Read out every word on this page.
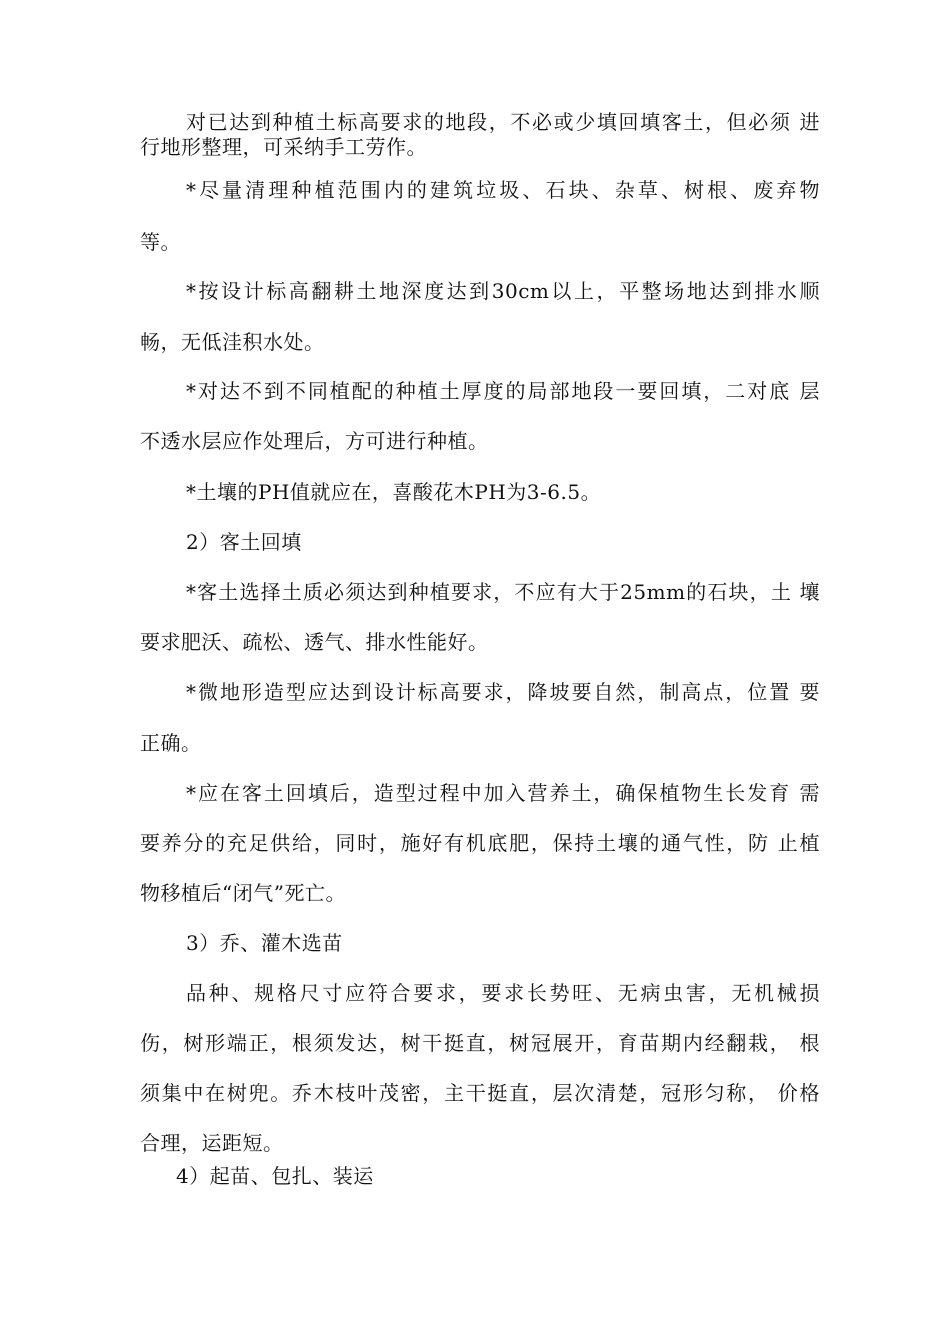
对已达到种植土标高要求的地段，不必或少填回填客土，但必须 进
行地形整理，可采纳手工劳作。
*尽量清理种植范围内的建筑垃圾、石块、杂草、树根、废弃物
等。
*按设计标高翻耕土地深度达到30cm以上，平整场地达到排水顺
畅，无低洼积水处。
*对达不到不同植配的种植土厚度的局部地段一要回填，二对底 层
不透水层应作处理后，方可进行种植。
*土壤的PH值就应在，喜酸花木PH为3-6.5。
2）客土回填
*客土选择土质必须达到种植要求，不应有大于25mm的石块，土 壤
要求肥沃、疏松、透气、排水性能好。
*微地形造型应达到设计标高要求，降坡要自然，制高点，位置 要
正确。
*应在客土回填后，造型过程中加入营养土，确保植物生长发育 需
要养分的充足供给，同时，施好有机底肥，保持土壤的通气性，防 止植
物移植后“闭气”死亡。
3）乔、灌木选苗
品种、规格尺寸应符合要求，要求长势旺、无病虫害，无机械损
伤，树形端正，根须发达，树干挺直，树冠展开，育苗期内经翻栽， 根
须集中在树兜。乔木枝叶茂密，主干挺直，层次清楚，冠形匀称， 价格
合理，运距短。
4）起苗、包扎、装运
